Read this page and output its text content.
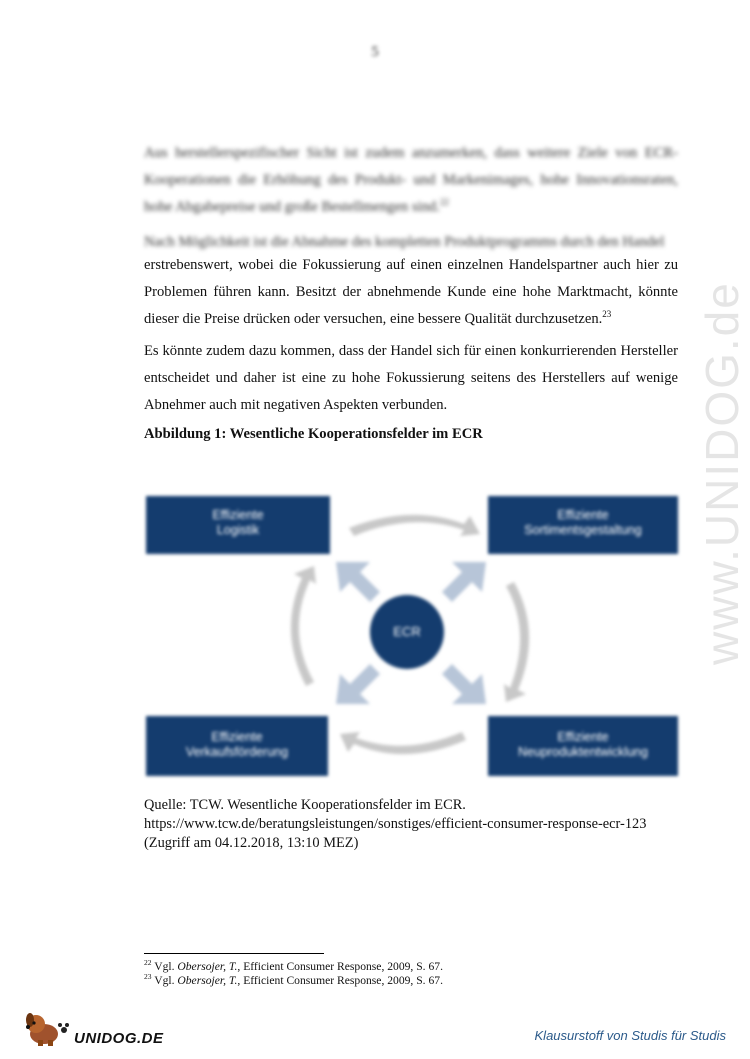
5

Aus herstellerspezifischer Sicht ist zudem anzumerken, dass weitere Ziele von ECR-Kooperationen die Erhöhung des Produkt- und Markenimages, hohe Innovationsraten, hohe Abgabepreise und große Bestellmengen sind.$^{22}$

Nach Möglichkeit ist die Abnahme des kompletten Produktprogramms durch den Handel

erstrebenswert, wobei die Fokussierung auf einen einzelnen Handelspartner auch hier zu Problemen führen kann. Besitzt der abnehmende Kunde eine hohe Marktmacht, könnte dieser die Preise drücken oder versuchen, eine bessere Qualität durchzusetzen.$^{23}$

Es könnte zudem dazu kommen, dass der Handel sich für einen konkurrierenden Hersteller entscheidet und daher ist eine zu hohe Fokussierung seitens des Herstellers auf wenige Abnehmer auch mit negativen Aspekten verbunden.

Abbildung 1: Wesentliche Kooperationsfelder im ECR

Effiziente
Logistik
Effiziente
Sortimentsgestaltung
Effiziente
Verkaufsförderung
Effiziente
Neuproduktentwicklung
ECR

Quelle: TCW. Wesentliche Kooperationsfelder im ECR. https://www.tcw.de/beratungsleistungen/sonstiges/efficient-consumer-response-ecr-123 (Zugriff am 04.12.2018, 13:10 MEZ)

$^{22}$ Vgl. Obersojer, T., Efficient Consumer Response, 2009, S. 67.
$^{23}$ Vgl. Obersojer, T., Efficient Consumer Response, 2009, S. 67.
www.UNIDOG.de
UNIDOG.DE	Klausurstoff von Studis für Studis
